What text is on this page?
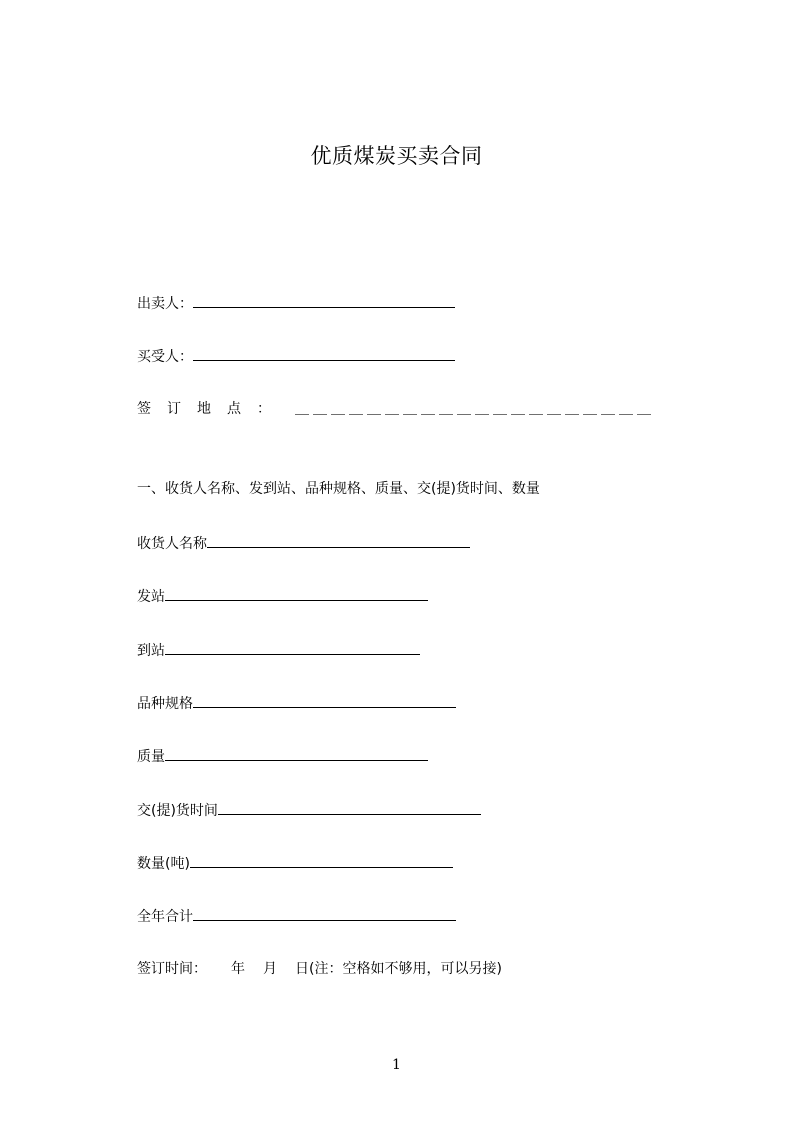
优质煤炭买卖合同
出卖人：
买受人：
签订地点： ＿＿＿＿＿＿＿＿＿＿＿＿＿＿＿＿＿＿＿＿
一、收货人名称、发到站、品种规格、质量、交(提)货时间、数量
收货人名称
发站
到站
品种规格
质量
交(提)货时间
数量(吨)
全年合计
签订时间： 年 月 日(注：空格如不够用，可以另接)
1
